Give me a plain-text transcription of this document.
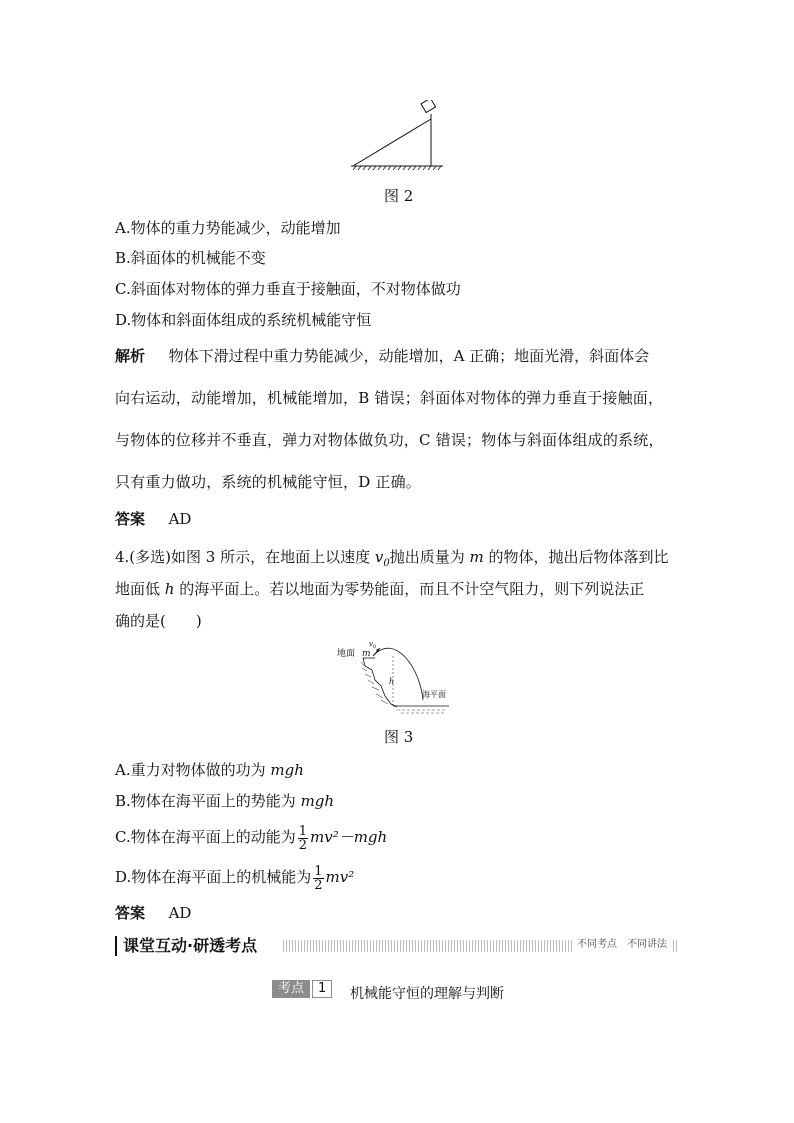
图 2
A.物体的重力势能减少，动能增加
B.斜面体的机械能不变
C.斜面体对物体的弹力垂直于接触面，不对物体做功
D.物体和斜面体组成的系统机械能守恒
解析 物体下滑过程中重力势能减少，动能增加，A 正确；地面光滑，斜面体会
向右运动，动能增加，机械能增加，B 错误；斜面体对物体的弹力垂直于接触面，
与物体的位移并不垂直，弹力对物体做负功，C 错误；物体与斜面体组成的系统，
只有重力做功，系统的机械能守恒，D 正确。
答案 AD
4.(多选)如图 3 所示，在地面上以速度 $v_0$抛出质量为 m 的物体，抛出后物体落到比
地面低 h 的海平面上。若以地面为零势能面，而且不计空气阻力，则下列说法正
确的是(　　)
地面 m
v 0
h
海平面
图 3
A.重力对物体做的功为 mgh
B.物体在海平面上的势能为 mgh
C.物体在海平面上的动能为 $\frac{1}{2} mv^2-mgh$
D.物体在海平面上的机械能为 $\frac{1}{2} mv^2$
答案 AD
课堂互动·研透考点	不同考点　不同讲法
考点	1	机械能守恒的理解与判断
